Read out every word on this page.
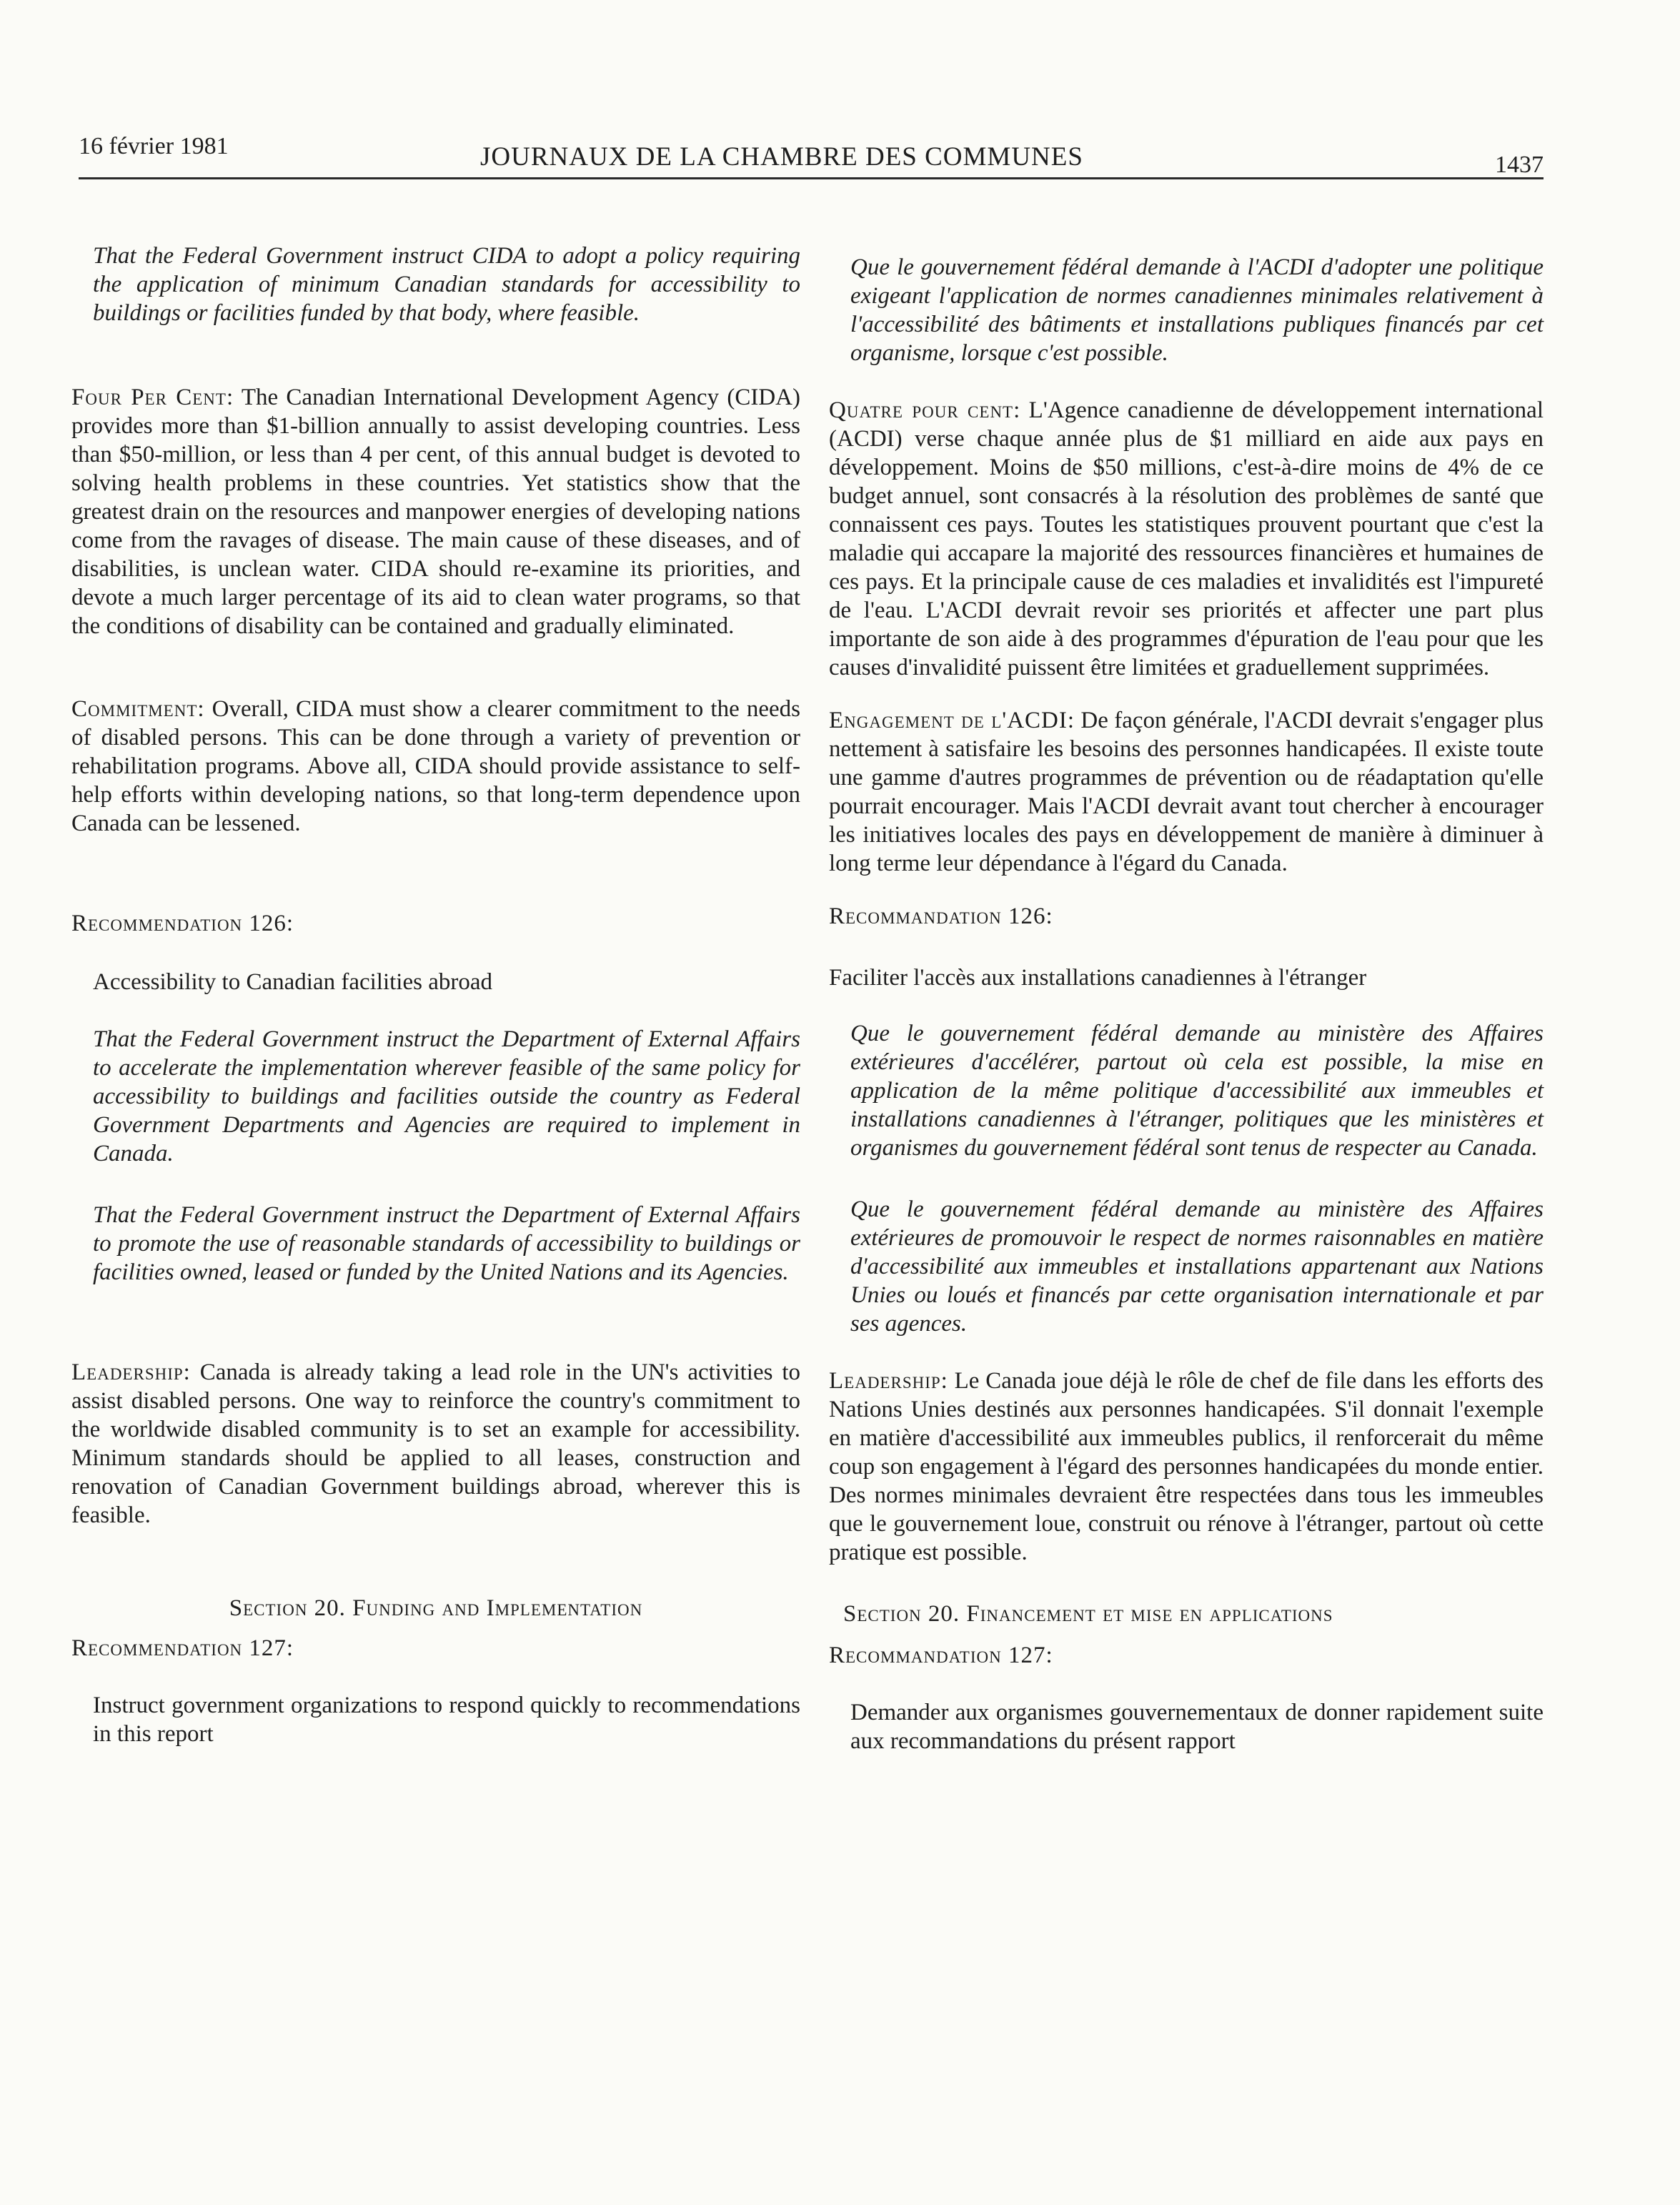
16 février 1981	JOURNAUX DE LA CHAMBRE DES COMMUNES	1437

That the Federal Government instruct CIDA to adopt a policy requiring the application of minimum Canadian standards for accessibility to buildings or facilities funded by that body, where feasible.

Four Per Cent: The Canadian International Development Agency (CIDA) provides more than $1-billion annually to assist developing countries. Less than $50-million, or less than 4 per cent, of this annual budget is devoted to solving health problems in these countries. Yet statistics show that the greatest drain on the resources and manpower energies of developing nations come from the ravages of disease. The main cause of these diseases, and of disabilities, is unclean water. CIDA should re-examine its priorities, and devote a much larger percentage of its aid to clean water programs, so that the conditions of disability can be contained and gradually eliminated.

Commitment: Overall, CIDA must show a clearer commitment to the needs of disabled persons. This can be done through a variety of prevention or rehabilitation programs. Above all, CIDA should provide assistance to self-help efforts within developing nations, so that long-term dependence upon Canada can be lessened.

Recommendation 126:

Accessibility to Canadian facilities abroad

That the Federal Government instruct the Department of External Affairs to accelerate the implementation wherever feasible of the same policy for accessibility to buildings and facilities outside the country as Federal Government Departments and Agencies are required to implement in Canada.

That the Federal Government instruct the Department of External Affairs to promote the use of reasonable standards of accessibility to buildings or facilities owned, leased or funded by the United Nations and its Agencies.

Leadership: Canada is already taking a lead role in the UN's activities to assist disabled persons. One way to reinforce the country's commitment to the worldwide disabled community is to set an example for accessibility. Minimum standards should be applied to all leases, construction and renovation of Canadian Government buildings abroad, wherever this is feasible.

Section 20. Funding and Implementation

Recommendation 127:

Instruct government organizations to respond quickly to recommendations in this report

Que le gouvernement fédéral demande à l'ACDI d'adopter une politique exigeant l'application de normes canadiennes minimales relativement à l'accessibilité des bâtiments et installations publiques financés par cet organisme, lorsque c'est possible.

Quatre pour cent: L'Agence canadienne de développement international (ACDI) verse chaque année plus de $1 milliard en aide aux pays en développement. Moins de $50 millions, c'est-à-dire moins de 4% de ce budget annuel, sont consacrés à la résolution des problèmes de santé que connaissent ces pays. Toutes les statistiques prouvent pourtant que c'est la maladie qui accapare la majorité des ressources financières et humaines de ces pays. Et la principale cause de ces maladies et invalidités est l'impureté de l'eau. L'ACDI devrait revoir ses priorités et affecter une part plus importante de son aide à des programmes d'épuration de l'eau pour que les causes d'invalidité puissent être limitées et graduellement supprimées.

Engagement de l'ACDI: De façon générale, l'ACDI devrait s'engager plus nettement à satisfaire les besoins des personnes handicapées. Il existe toute une gamme d'autres programmes de prévention ou de réadaptation qu'elle pourrait encourager. Mais l'ACDI devrait avant tout chercher à encourager les initiatives locales des pays en développement de manière à diminuer à long terme leur dépendance à l'égard du Canada.

Recommandation 126:

Faciliter l'accès aux installations canadiennes à l'étranger

Que le gouvernement fédéral demande au ministère des Affaires extérieures d'accélérer, partout où cela est possible, la mise en application de la même politique d'accessibilité aux immeubles et installations canadiennes à l'étranger, politiques que les ministères et organismes du gouvernement fédéral sont tenus de respecter au Canada.

Que le gouvernement fédéral demande au ministère des Affaires extérieures de promouvoir le respect de normes raisonnables en matière d'accessibilité aux immeubles et installations appartenant aux Nations Unies ou loués et financés par cette organisation internationale et par ses agences.

Leadership: Le Canada joue déjà le rôle de chef de file dans les efforts des Nations Unies destinés aux personnes handicapées. S'il donnait l'exemple en matière d'accessibilité aux immeubles publics, il renforcerait du même coup son engagement à l'égard des personnes handicapées du monde entier. Des normes minimales devraient être respectées dans tous les immeubles que le gouvernement loue, construit ou rénove à l'étranger, partout où cette pratique est possible.

Section 20. Financement et mise en applications

Recommandation 127:

Demander aux organismes gouvernementaux de donner rapidement suite aux recommandations du présent rapport
